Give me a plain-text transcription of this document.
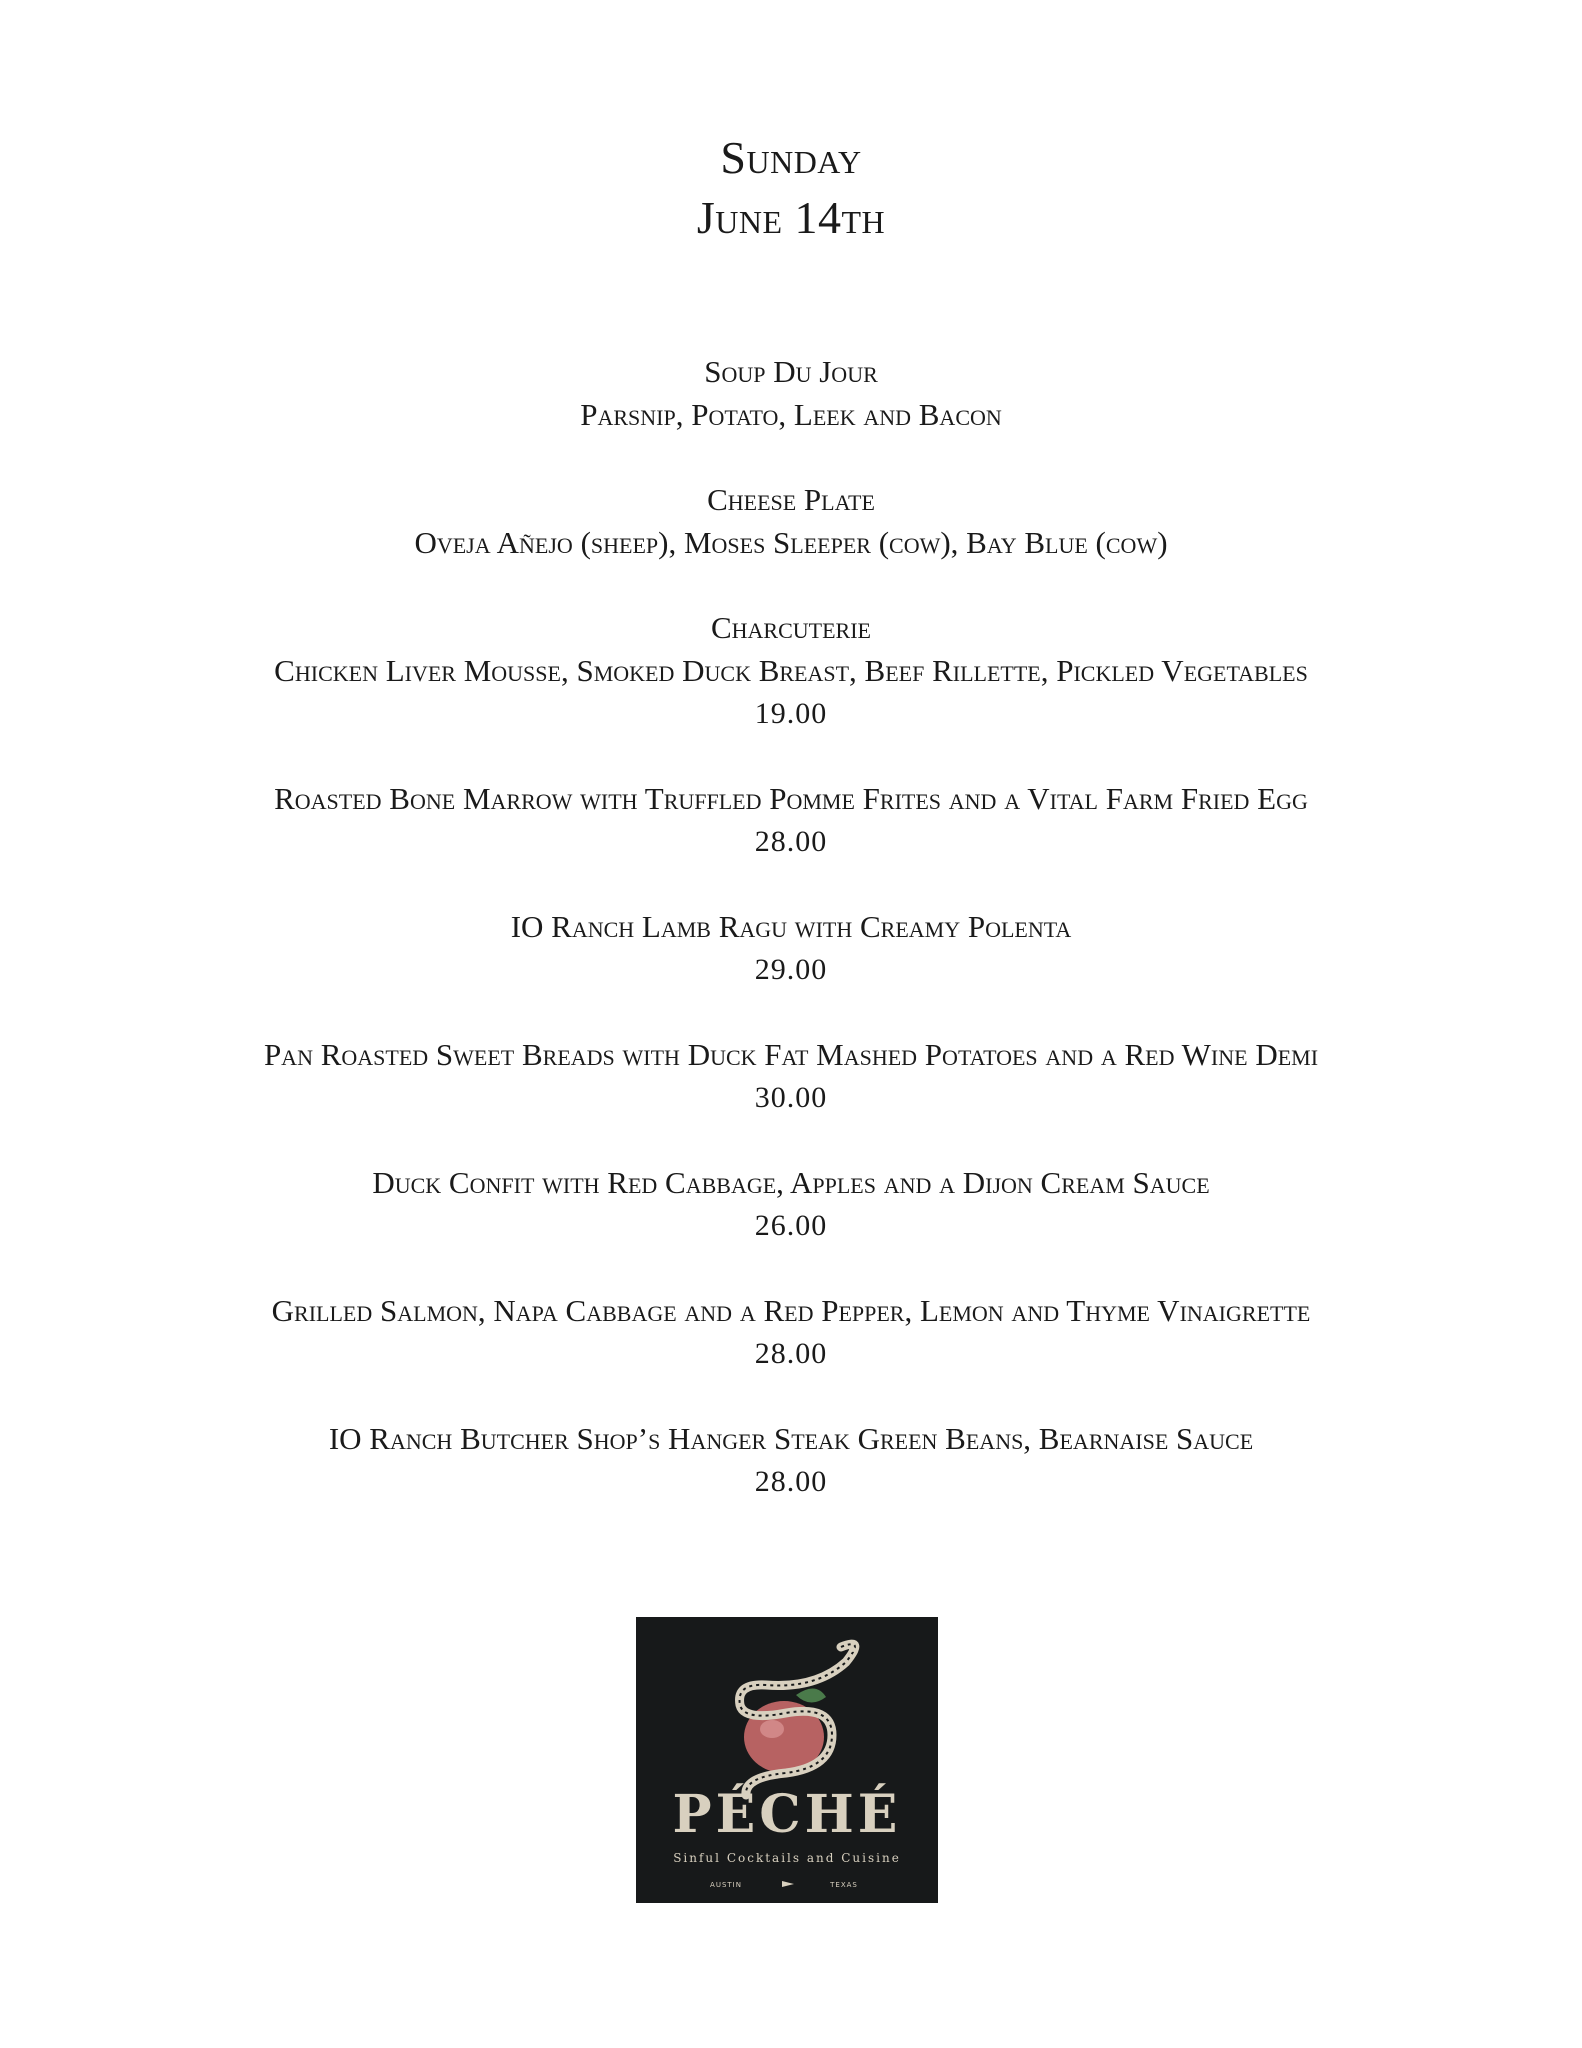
Sunday
June 14th
Soup Du Jour
Parsnip, Potato, Leek and Bacon
Cheese Plate
Oveja Añejo (sheep), Moses Sleeper (cow), Bay Blue (cow)
Charcuterie
Chicken Liver Mousse, Smoked Duck Breast, Beef Rillette, Pickled Vegetables
19.00
Roasted Bone Marrow with Truffled Pomme Frites and a Vital Farm Fried Egg
28.00
IO Ranch Lamb Ragu with Creamy Polenta
29.00
Pan Roasted Sweet Breads with Duck Fat Mashed Potatoes and a Red Wine Demi
30.00
Duck Confit with Red Cabbage, Apples and a Dijon Cream Sauce
26.00
Grilled Salmon, Napa Cabbage and a Red Pepper, Lemon and Thyme Vinaigrette
28.00
IO Ranch Butcher Shop’s Hanger Steak Green Beans, Bearnaise Sauce
28.00
PÉCHÉ
Sinful Cocktails and Cuisine
AUSTIN	TEXAS
